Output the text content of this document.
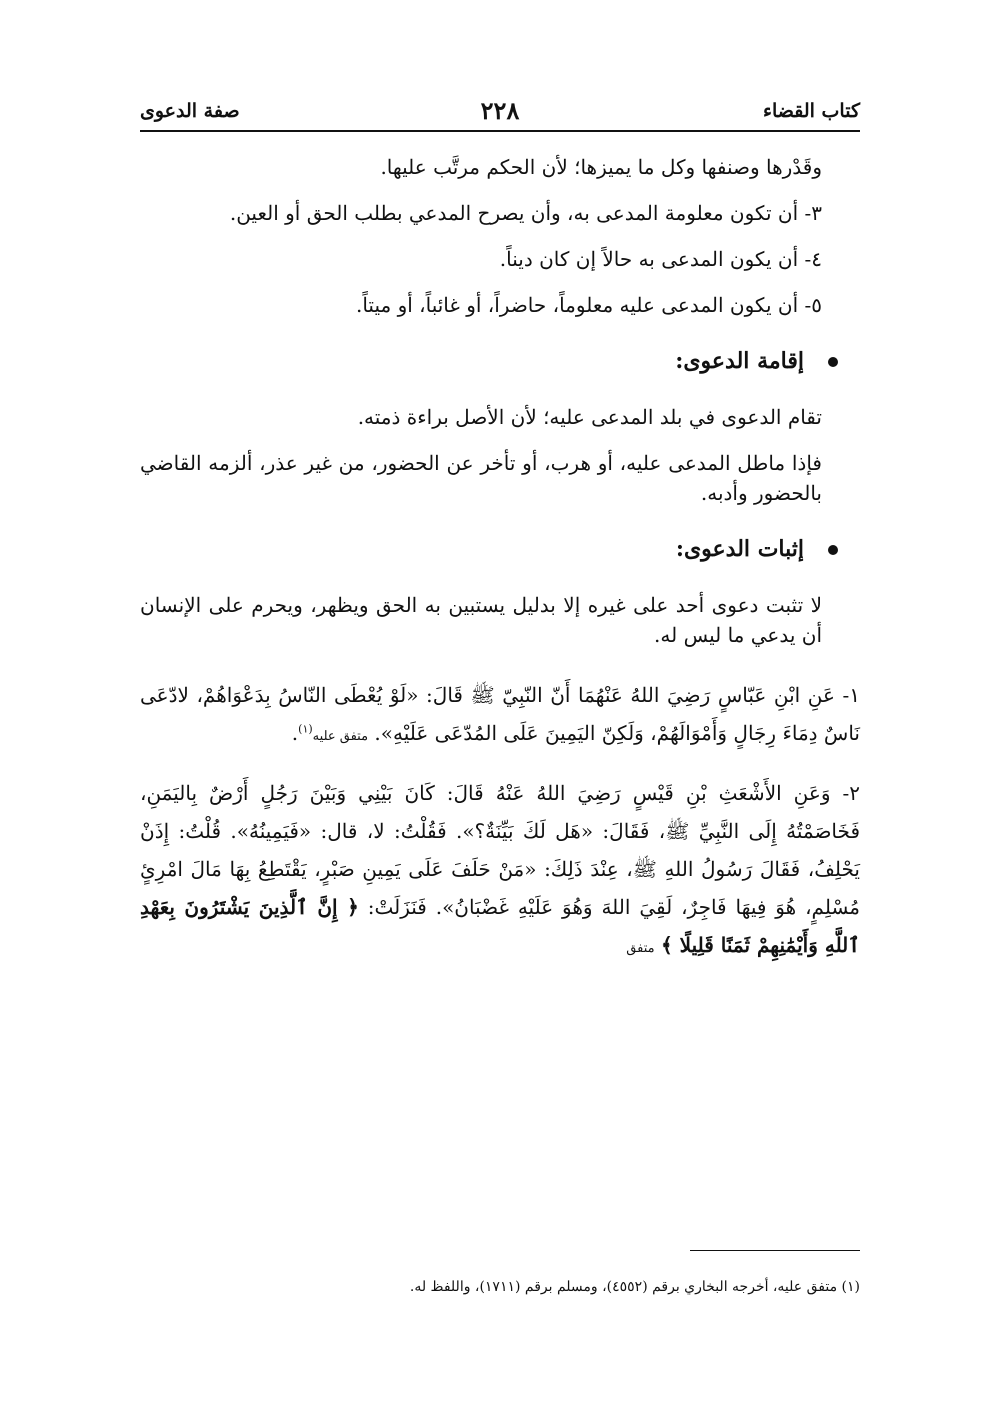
كتاب القضاء
٢٢٨
صفة الدعوى

وقَدْرها وصنفها وكل ما يميزها؛ لأن الحكم مرتَّب عليها.

٣- أن تكون معلومة المدعى به، وأن يصرح المدعي بطلب الحق أو العين.

٤- أن يكون المدعى به حالاً إن كان ديناً.

٥- أن يكون المدعى عليه معلوماً، حاضراً، أو غائباً، أو ميتاً.

إقامة الدعوى:

تقام الدعوى في بلد المدعى عليه؛ لأن الأصل براءة ذمته.

فإذا ماطل المدعى عليه، أو هرب، أو تأخر عن الحضور، من غير عذر، ألزمه القاضي بالحضور وأدبه.

إثبات الدعوى:

لا تثبت دعوى أحد على غيره إلا بدليل يستبين به الحق ويظهر، ويحرم على الإنسان أن يدعي ما ليس له.

١- عَنِ ابْنِ عَبّاسٍ رَضِيَ اللهُ عَنْهُمَا أَنّ النّبِيّ ﷺ قَالَ: «لَوْ يُعْطَى النّاسُ بِدَعْوَاهُمْ، لادّعَى نَاسٌ دِمَاءَ رِجَالٍ وَأَمْوَالَهُمْ، وَلَكِنّ اليَمِينَ عَلَى المُدّعَى عَلَيْهِ». متفق عليه$^{(١)}$.

٢- وَعَنِ الأَشْعَثِ بْنِ قَيْسٍ رَضِيَ اللهُ عَنْهُ قَالَ: كَانَ بَيْنِي وَبَيْنَ رَجُلٍ أَرْضٌ بِاليَمَنِ، فَخَاصَمْتُهُ إِلَى النَّبِيِّ ﷺ، فَقَالَ: «هَل لَكَ بَيِّنَةٌ؟». فَقُلْتُ: لا، قال: «فَيَمِينُهُ». قُلْتُ: إِذَنْ يَحْلِفُ، فَقَالَ رَسُولُ اللهِ ﷺ، عِنْدَ ذَلِكَ: «مَنْ حَلَفَ عَلَى يَمِينِ صَبْرٍ، يَقْتَطِعُ بِهَا مَالَ امْرِئٍ مُسْلِمٍ، هُوَ فِيهَا فَاجِرٌ، لَقِيَ اللهَ وَهُوَ عَلَيْهِ غَضْبَانُ». فَنَزَلَتْ: ﴿ إِنَّ ٱلَّذِينَ يَشْتَرُونَ بِعَهْدِ ٱللَّهِ وَأَيْمَٰنِهِمْ ثَمَنًا قَلِيلًا ﴾ متفق

(١) متفق عليه، أخرجه البخاري برقم (٤٥٥٢)، ومسلم برقم (١٧١١)، واللفظ له.
